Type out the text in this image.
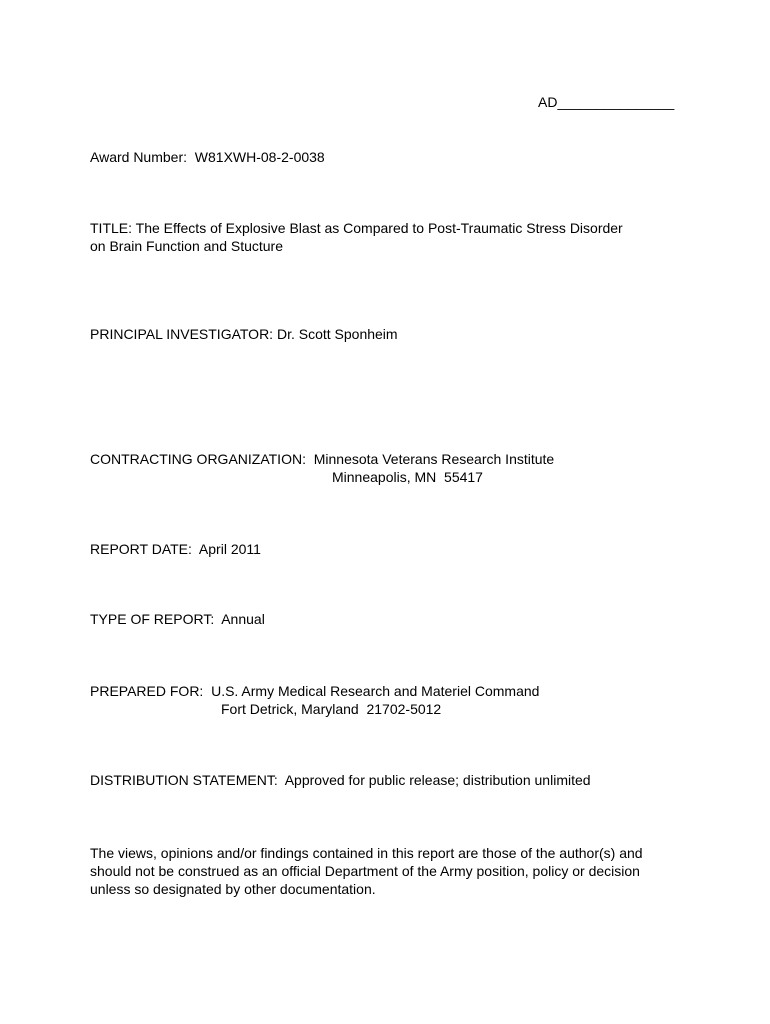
AD_______________
Award Number:  W81XWH-08-2-0038
TITLE: The Effects of Explosive Blast as Compared to Post-Traumatic Stress Disorder
on Brain Function and Stucture
PRINCIPAL INVESTIGATOR: Dr. Scott Sponheim
CONTRACTING ORGANIZATION:  Minnesota Veterans Research Institute
Minneapolis, MN  55417
REPORT DATE:  April 2011
TYPE OF REPORT:  Annual
PREPARED FOR:  U.S. Army Medical Research and Materiel Command
Fort Detrick, Maryland  21702-5012
DISTRIBUTION STATEMENT:  Approved for public release; distribution unlimited
The views, opinions and/or findings contained in this report are those of the author(s) and
should not be construed as an official Department of the Army position, policy or decision
unless so designated by other documentation.
